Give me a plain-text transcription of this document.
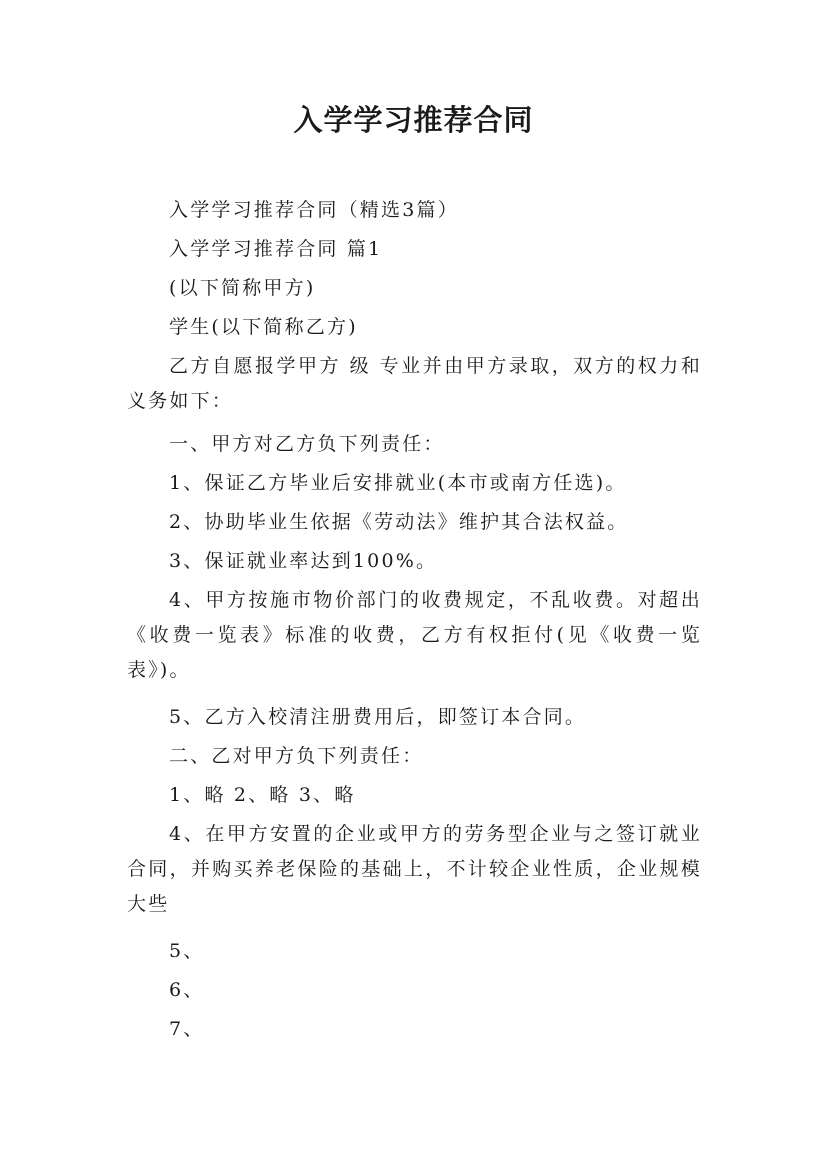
入学学习推荐合同

入学学习推荐合同（精选3篇）

入学学习推荐合同 篇1

(以下简称甲方)

学生(以下简称乙方)

乙方自愿报学甲方 级 专业并由甲方录取，双方的权力和义务如下：

一、甲方对乙方负下列责任：

1、保证乙方毕业后安排就业(本市或南方任选)。

2、协助毕业生依据《劳动法》维护其合法权益。

3、保证就业率达到100%。

4、甲方按施市物价部门的收费规定，不乱收费。对超出《收费一览表》标准的收费，乙方有权拒付(见《收费一览表》)。

5、乙方入校清注册费用后，即签订本合同。

二、乙对甲方负下列责任：

1、略 2、略 3、略

4、在甲方安置的企业或甲方的劳务型企业与之签订就业合同，并购买养老保险的基础上，不计较企业性质，企业规模大些

5、

6、

7、
